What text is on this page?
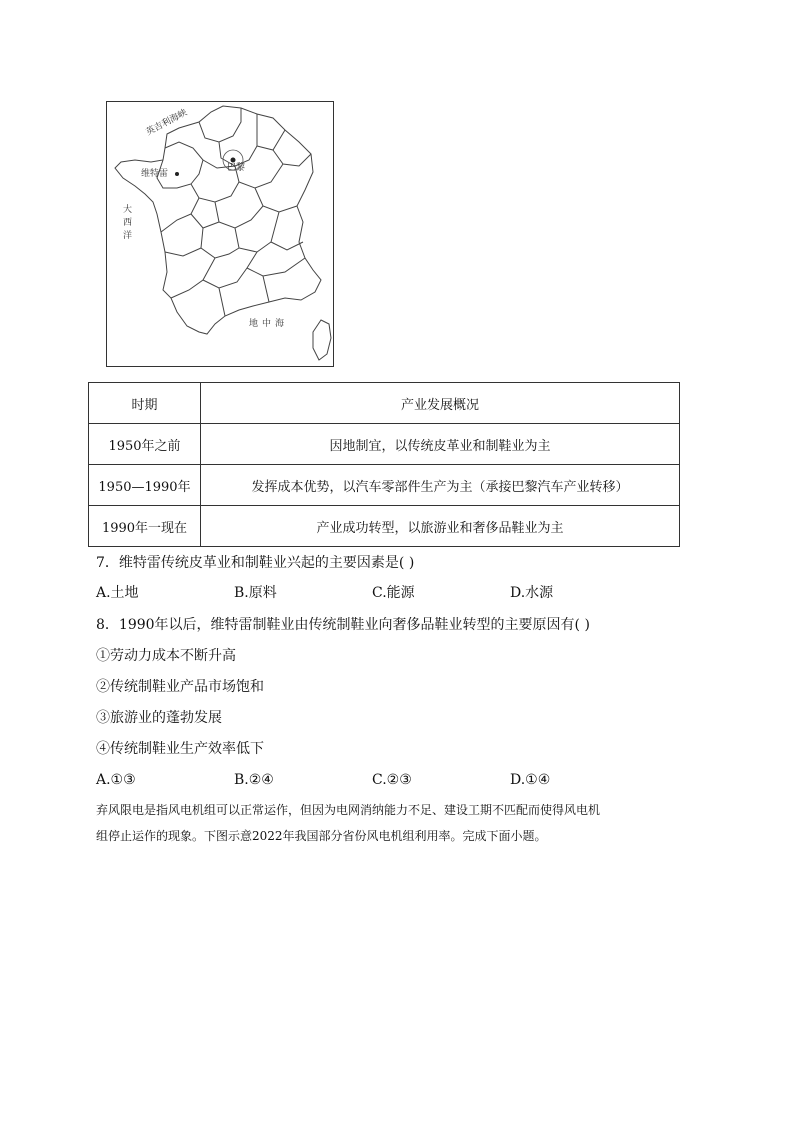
英吉利海峡
巴黎
维特雷
大西洋
地中海
时期	产业发展概况
1950年之前	因地制宜，以传统皮革业和制鞋业为主
1950—1990年	发挥成本优势，以汽车零部件生产为主（承接巴黎汽车产业转移）
1990年一现在	产业成功转型，以旅游业和奢侈品鞋业为主
7．维特雷传统皮革业和制鞋业兴起的主要因素是( )
A.土地	B.原料	C.能源	D.水源
8．1990年以后，维特雷制鞋业由传统制鞋业向奢侈品鞋业转型的主要原因有( )
①劳动力成本不断升高
②传统制鞋业产品市场饱和
③旅游业的蓬勃发展
④传统制鞋业生产效率低下
A.①③	B.②④	C.②③	D.①④
弃风限电是指风电机组可以正常运作，但因为电网消纳能力不足、建设工期不匹配而使得风电机
组停止运作的现象。下图示意2022年我国部分省份风电机组利用率。完成下面小题。
